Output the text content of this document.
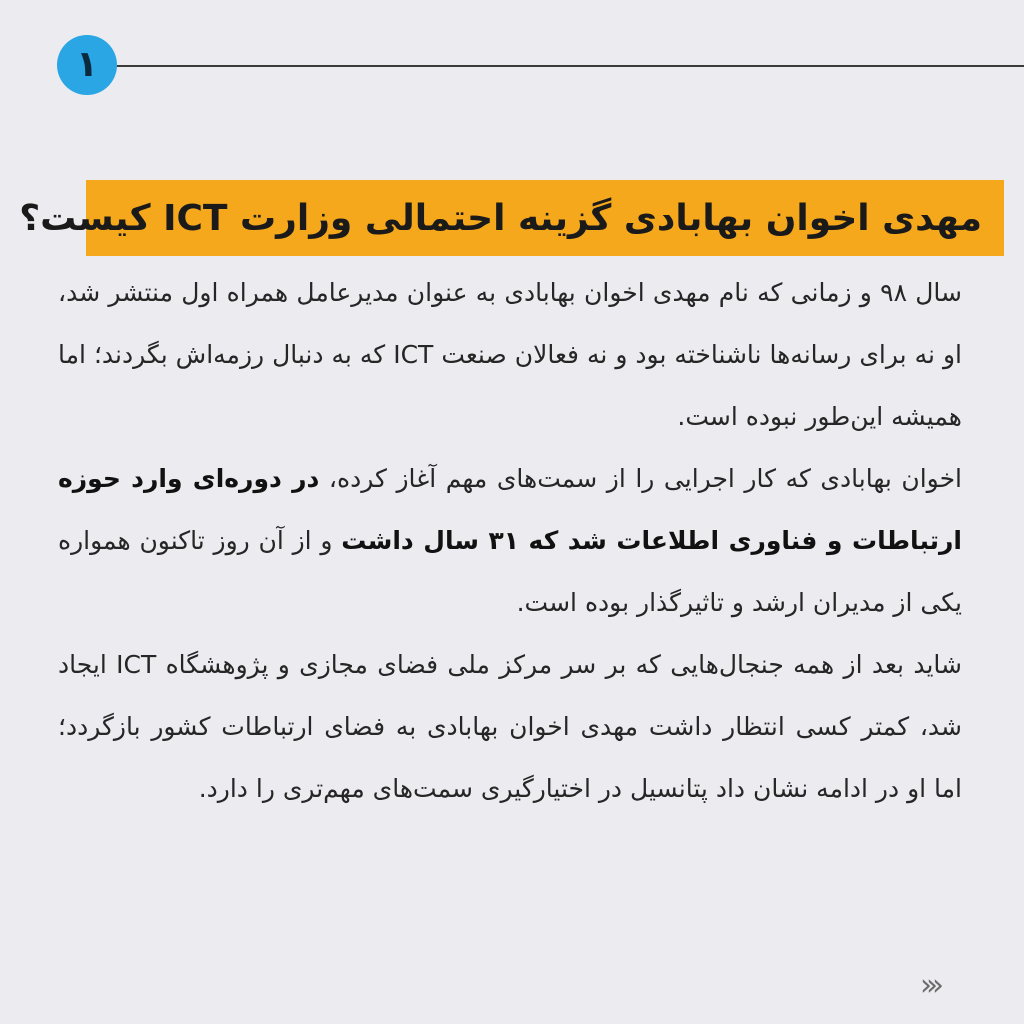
۱
مهدی اخوان بهابادی گزینه احتمالی وزارت ICT کیست؟

سال ۹۸ و زمانی که نام مهدی اخوان بهابادی به عنوان مدیرعامل همراه اول منتشر شد، او نه برای رسانه‌ها ناشناخته بود و نه فعالان صنعت ICT که به دنبال رزمه‌اش بگردند؛ اما همیشه این‌طور نبوده است.

اخوان بهابادی که کار اجرایی را از سمت‌های مهم آغاز کرده، در دوره‌ای وارد حوزه ارتباطات و فناوری اطلاعات شد که ۳۱ سال داشت و از آن روز تاکنون همواره یکی از مدیران ارشد و تاثیرگذار بوده است.

شاید بعد از همه جنجال‌هایی که بر سر مرکز ملی فضای مجازی و پژوهشگاه ICT ایجاد شد، کمتر کسی انتظار داشت مهدی اخوان بهابادی به فضای ارتباطات کشور بازگردد؛ اما او در ادامه نشان داد پتانسیل در اختیارگیری سمت‌های مهم‌تری را دارد.

›››
